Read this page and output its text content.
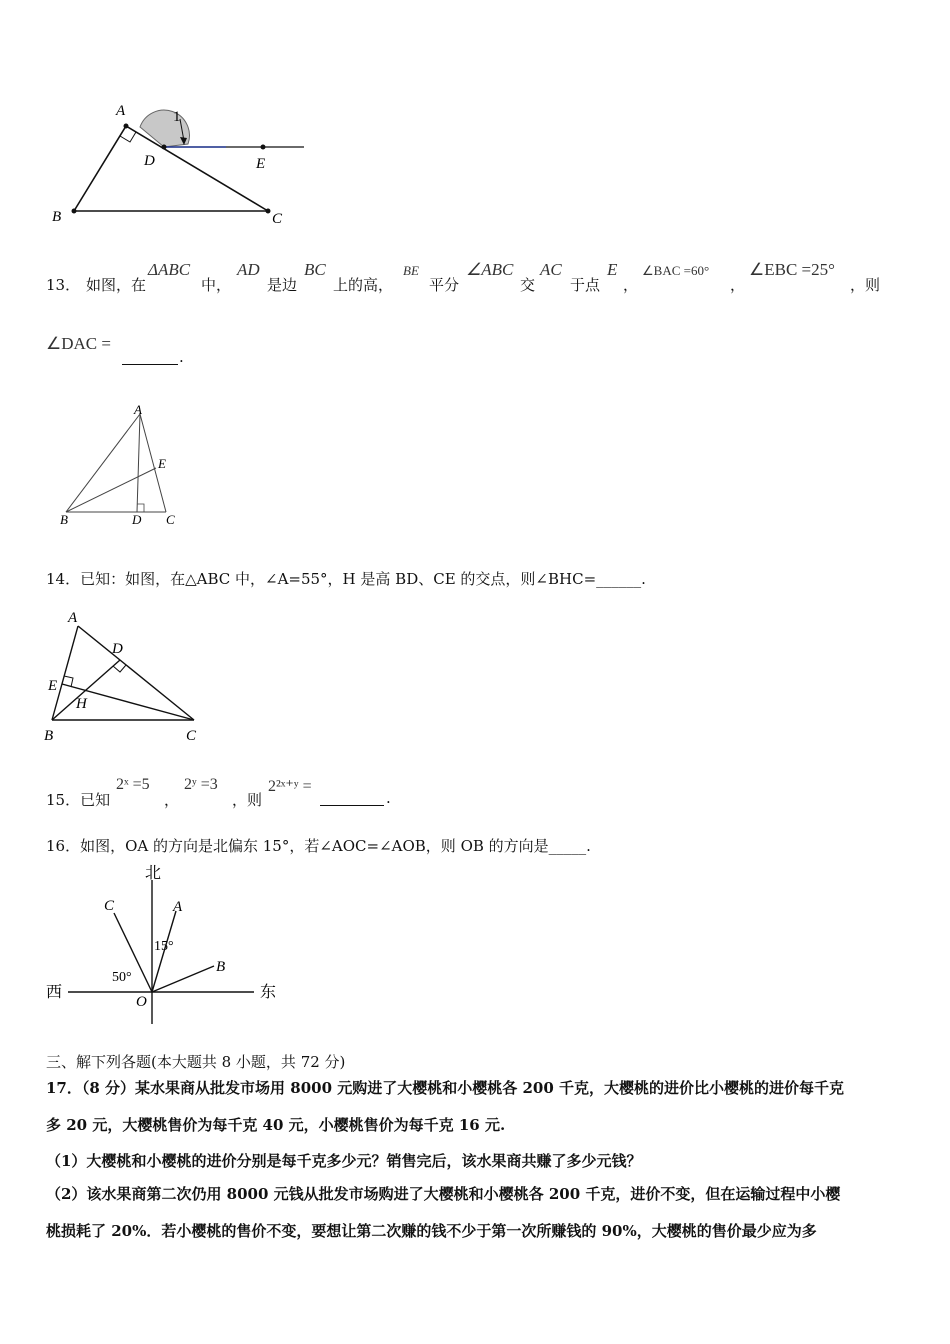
A	1
D	E
B	C
13． 如图，在
ΔABC
中，
AD
是边
BC
上的高，
BE
平分
∠ABC
交
AC
于点
E
，
∠BAC =60°
，
∠EBC =25°
，则
∠DAC =
.
A
E
B	D C
14．已知：如图，在△ABC 中，∠A=55°，H 是高 BD、CE 的交点，则∠BHC=______.
A
D
E
H
B	C
15．已知
2ˣ =5
，
2ʸ =3
，则
2²ˣ⁺ʸ =
.
16．如图，OA 的方向是北偏东 15°，若∠AOC=∠AOB，则 OB 的方向是_____.
北
西	东
C	A
B
O
15°
50°
三、解下列各题(本大题共 8 小题，共 72 分)
17．（8 分）某水果商从批发市场用 8000 元购进了大樱桃和小樱桃各 200 千克，大樱桃的进价比小樱桃的进价每千克
多 20 元，大樱桃售价为每千克 40 元，小樱桃售价为每千克 16 元.
（1）大樱桃和小樱桃的进价分别是每千克多少元？销售完后，该水果商共赚了多少元钱？
（2）该水果商第二次仍用 8000 元钱从批发市场购进了大樱桃和小樱桃各 200 千克，进价不变，但在运输过程中小樱
桃损耗了 20%．若小樱桃的售价不变，要想让第二次赚的钱不少于第一次所赚钱的 90%，大樱桃的售价最少应为多
